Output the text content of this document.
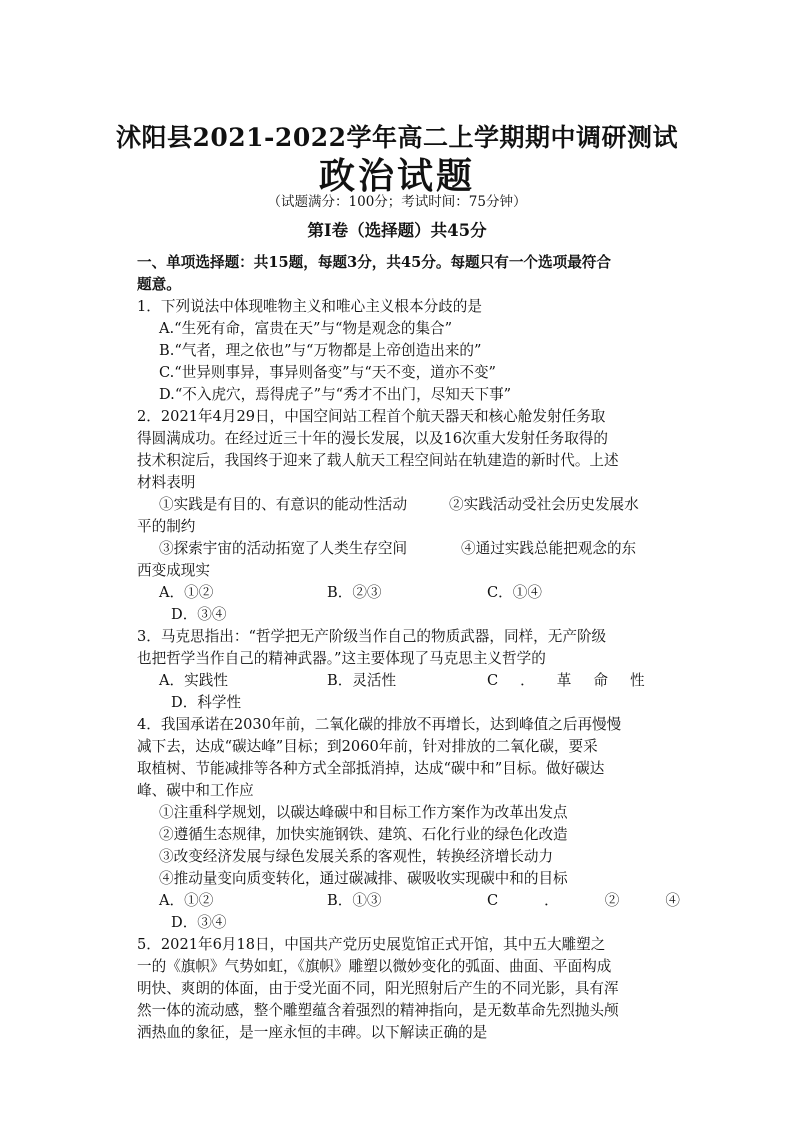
沭阳县2021-2022学年高二上学期期中调研测试
政治试题
（试题满分：100分；考试时间：75分钟）
第I卷（选择题）共45分

一、单项选择题：共15题，每题3分，共45分。每题只有一个选项最符合

题意。

1．下列说法中体现唯物主义和唯心主义根本分歧的是

A.“生死有命，富贵在天”与“物是观念的集合”

B.“气者，理之依也”与“万物都是上帝创造出来的”

C.“世异则事异，事异则备变”与“天不变，道亦不变”

D.“不入虎穴，焉得虎子”与“秀才不出门，尽知天下事”

2．2021年4月29日，中国空间站工程首个航天器天和核心舱发射任务取

得圆满成功。在经过近三十年的漫长发展，以及16次重大发射任务取得的

技术积淀后，我国终于迎来了载人航天工程空间站在轨建造的新时代。上述

材料表明

①实践是有目的、有意识的能动性活动	②实践活动受社会历史发展水

平的制约

③探索宇宙的活动拓宽了人类生存空间	④通过实践总能把观念的东

西变成现实

A．①②	B．②③	C．①④
D．③④

3．马克思指出：“哲学把无产阶级当作自己的物质武器，同样，无产阶级

也把哲学当作自己的精神武器。”这主要体现了马克思主义哲学的

A．实践性	B．灵活性	C．革命性
D．科学性

4．我国承诺在2030年前，二氧化碳的排放不再增长，达到峰值之后再慢慢

减下去，达成“碳达峰”目标；到2060年前，针对排放的二氧化碳，要采

取植树、节能减排等各种方式全部抵消掉，达成“碳中和”目标。做好碳达

峰、碳中和工作应

①注重科学规划，以碳达峰碳中和目标工作方案作为改革出发点

②遵循生态规律，加快实施钢铁、建筑、石化行业的绿色化改造

③改变经济发展与绿色发展关系的客观性，转换经济增长动力

④推动量变向质变转化，通过碳减排、碳吸收实现碳中和的目标

A．①②	B．①③	C．②④
D．③④

5．2021年6月18日，中国共产党历史展览馆正式开馆，其中五大雕塑之

一的《旗帜》气势如虹，《旗帜》雕塑以微妙变化的弧面、曲面、平面构成

明快、爽朗的体面，由于受光面不同，阳光照射后产生的不同光影，具有浑

然一体的流动感，整个雕塑蕴含着强烈的精神指向，是无数革命先烈抛头颅

洒热血的象征，是一座永恒的丰碑。以下解读正确的是
